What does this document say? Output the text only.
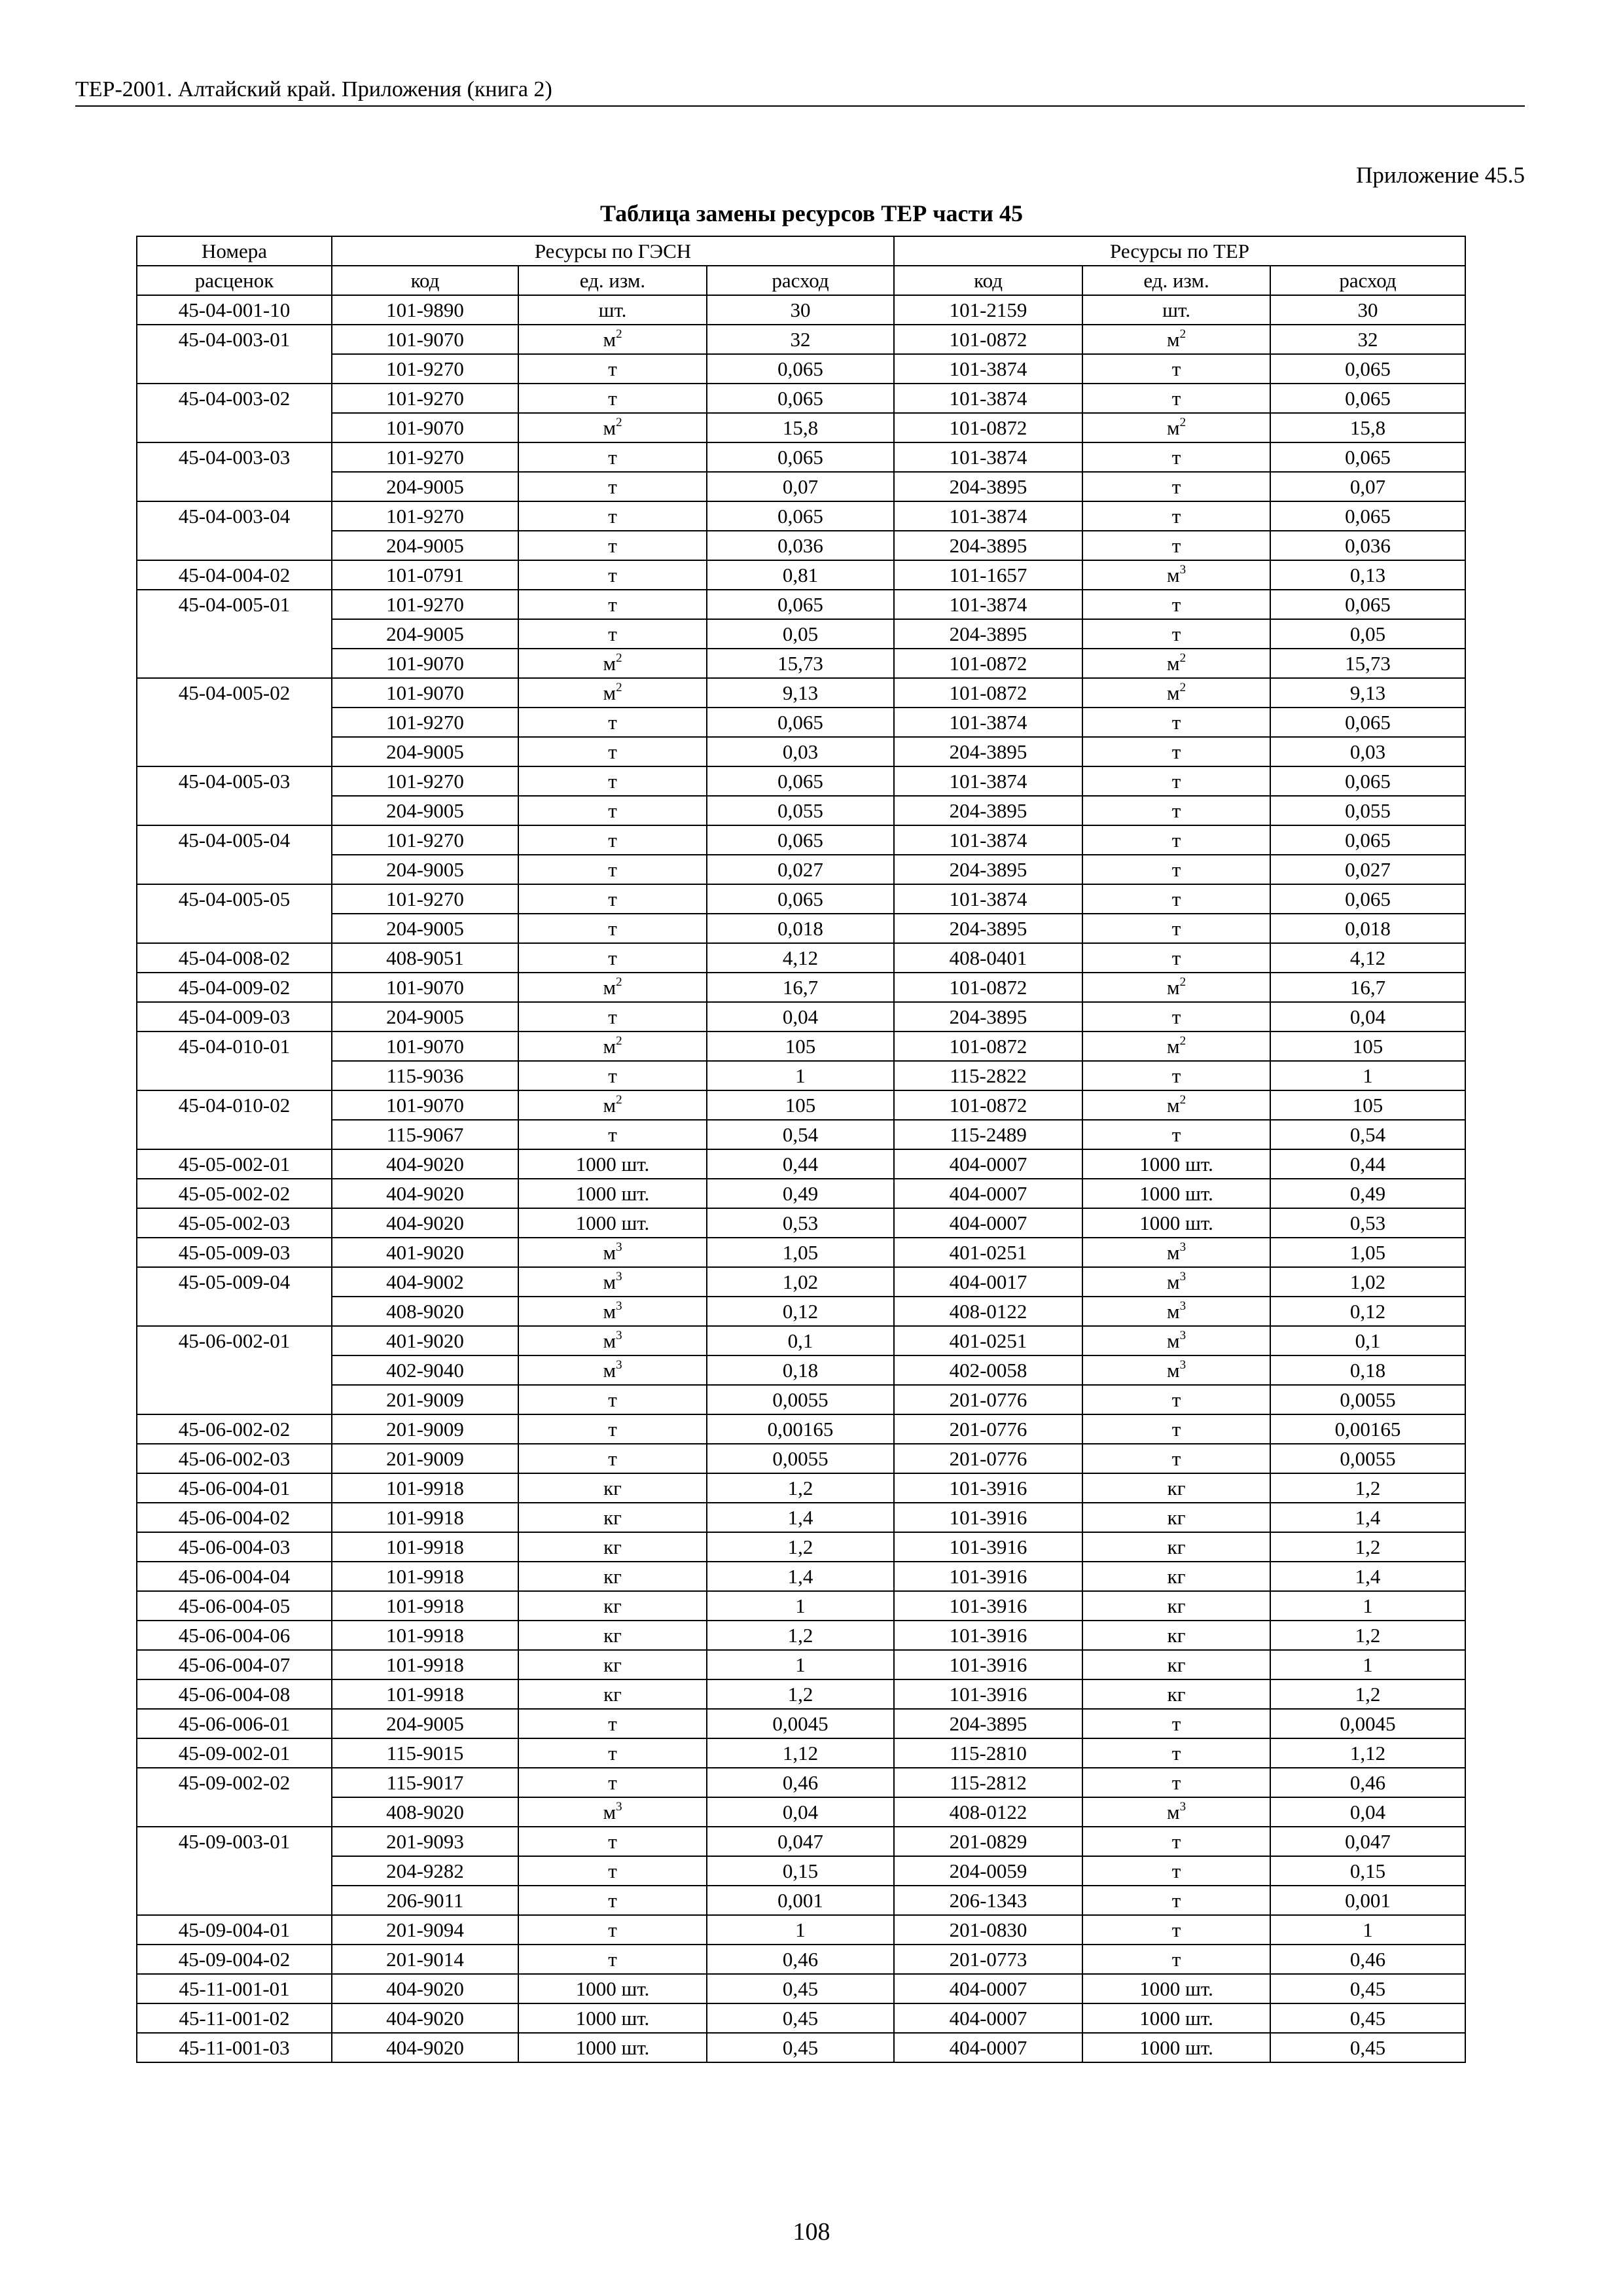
ТЕР-2001. Алтайский край. Приложения (книга 2)
Приложение 45.5
Таблица замены ресурсов ТЕР части 45
Номера	Ресурсы по ГЭСН			Ресурсы по ТЕР		
расценок	код	ед. изм.	расход	код	ед. изм.	расход
45-04-001-10	101-9890	шт.	30	101-2159	шт.	30
45-04-003-01	101-9070	$м^2$	32	101-0872	$м^2$	32
	101-9270	т	0,065	101-3874	т	0,065
45-04-003-02	101-9270	т	0,065	101-3874	т	0,065
	101-9070	$м^2$	15,8	101-0872	$м^2$	15,8
45-04-003-03	101-9270	т	0,065	101-3874	т	0,065
	204-9005	т	0,07	204-3895	т	0,07
45-04-003-04	101-9270	т	0,065	101-3874	т	0,065
	204-9005	т	0,036	204-3895	т	0,036
45-04-004-02	101-0791	т	0,81	101-1657	$м^3$	0,13
45-04-005-01	101-9270	т	0,065	101-3874	т	0,065
	204-9005	т	0,05	204-3895	т	0,05
	101-9070	$м^2$	15,73	101-0872	$м^2$	15,73
45-04-005-02	101-9070	$м^2$	9,13	101-0872	$м^2$	9,13
	101-9270	т	0,065	101-3874	т	0,065
	204-9005	т	0,03	204-3895	т	0,03
45-04-005-03	101-9270	т	0,065	101-3874	т	0,065
	204-9005	т	0,055	204-3895	т	0,055
45-04-005-04	101-9270	т	0,065	101-3874	т	0,065
	204-9005	т	0,027	204-3895	т	0,027
45-04-005-05	101-9270	т	0,065	101-3874	т	0,065
	204-9005	т	0,018	204-3895	т	0,018
45-04-008-02	408-9051	т	4,12	408-0401	т	4,12
45-04-009-02	101-9070	$м^2$	16,7	101-0872	$м^2$	16,7
45-04-009-03	204-9005	т	0,04	204-3895	т	0,04
45-04-010-01	101-9070	$м^2$	105	101-0872	$м^2$	105
	115-9036	т	1	115-2822	т	1
45-04-010-02	101-9070	$м^2$	105	101-0872	$м^2$	105
	115-9067	т	0,54	115-2489	т	0,54
45-05-002-01	404-9020	1000 шт.	0,44	404-0007	1000 шт.	0,44
45-05-002-02	404-9020	1000 шт.	0,49	404-0007	1000 шт.	0,49
45-05-002-03	404-9020	1000 шт.	0,53	404-0007	1000 шт.	0,53
45-05-009-03	401-9020	$м^3$	1,05	401-0251	$м^3$	1,05
45-05-009-04	404-9002	$м^3$	1,02	404-0017	$м^3$	1,02
	408-9020	$м^3$	0,12	408-0122	$м^3$	0,12
45-06-002-01	401-9020	$м^3$	0,1	401-0251	$м^3$	0,1
	402-9040	$м^3$	0,18	402-0058	$м^3$	0,18
	201-9009	т	0,0055	201-0776	т	0,0055
45-06-002-02	201-9009	т	0,00165	201-0776	т	0,00165
45-06-002-03	201-9009	т	0,0055	201-0776	т	0,0055
45-06-004-01	101-9918	кг	1,2	101-3916	кг	1,2
45-06-004-02	101-9918	кг	1,4	101-3916	кг	1,4
45-06-004-03	101-9918	кг	1,2	101-3916	кг	1,2
45-06-004-04	101-9918	кг	1,4	101-3916	кг	1,4
45-06-004-05	101-9918	кг	1	101-3916	кг	1
45-06-004-06	101-9918	кг	1,2	101-3916	кг	1,2
45-06-004-07	101-9918	кг	1	101-3916	кг	1
45-06-004-08	101-9918	кг	1,2	101-3916	кг	1,2
45-06-006-01	204-9005	т	0,0045	204-3895	т	0,0045
45-09-002-01	115-9015	т	1,12	115-2810	т	1,12
45-09-002-02	115-9017	т	0,46	115-2812	т	0,46
	408-9020	$м^3$	0,04	408-0122	$м^3$	0,04
45-09-003-01	201-9093	т	0,047	201-0829	т	0,047
	204-9282	т	0,15	204-0059	т	0,15
	206-9011	т	0,001	206-1343	т	0,001
45-09-004-01	201-9094	т	1	201-0830	т	1
45-09-004-02	201-9014	т	0,46	201-0773	т	0,46
45-11-001-01	404-9020	1000 шт.	0,45	404-0007	1000 шт.	0,45
45-11-001-02	404-9020	1000 шт.	0,45	404-0007	1000 шт.	0,45
45-11-001-03	404-9020	1000 шт.	0,45	404-0007	1000 шт.	0,45
108
